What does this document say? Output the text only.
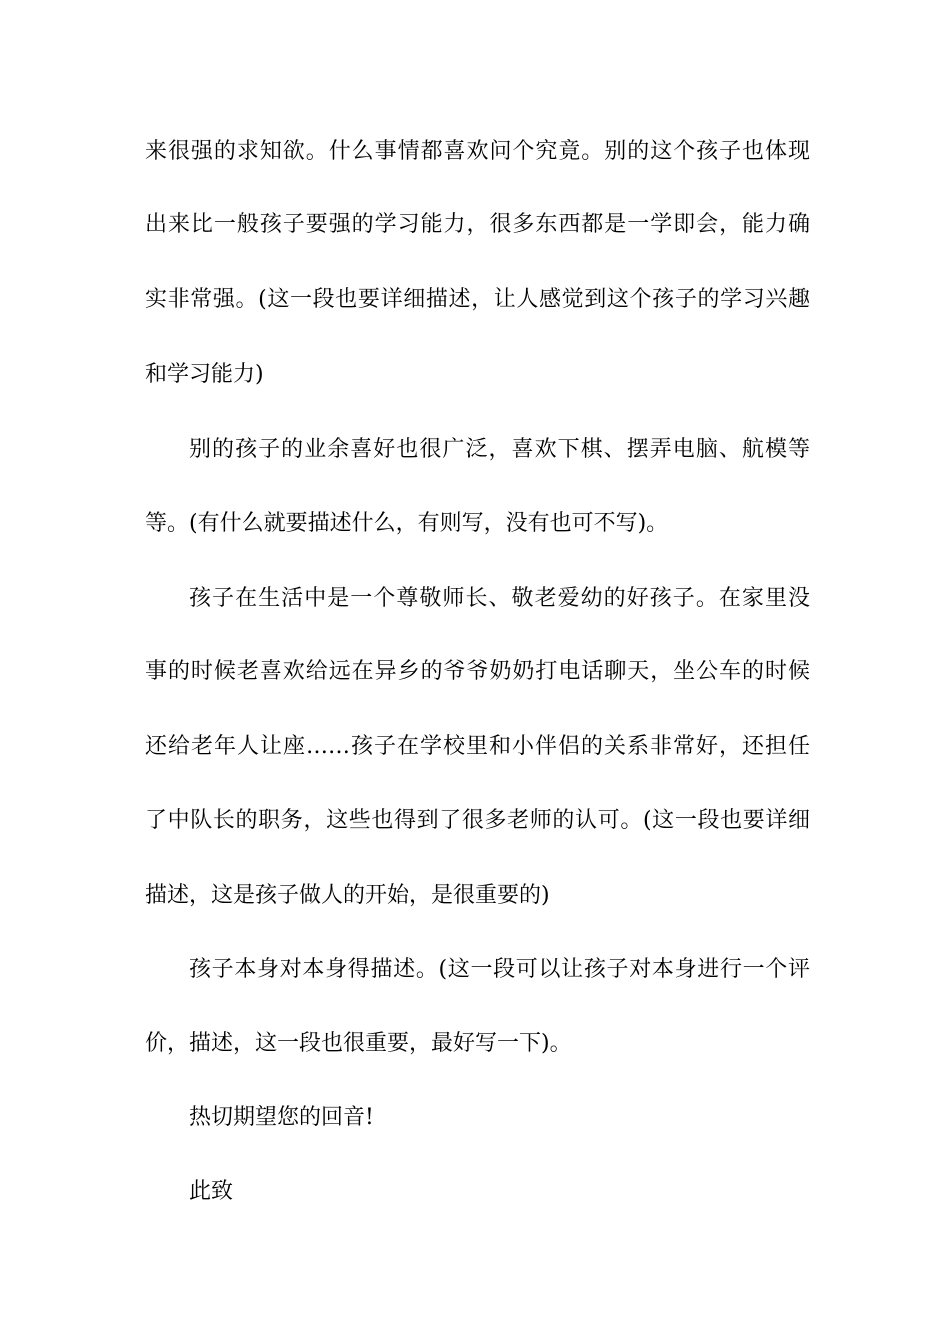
来很强的求知欲。什么事情都喜欢问个究竟。别的这个孩子也体现
出来比一般孩子要强的学习能力，很多东西都是一学即会，能力确
实非常强。(这一段也要详细描述，让人感觉到这个孩子的学习兴趣
和学习能力)
别的孩子的业余喜好也很广泛，喜欢下棋、摆弄电脑、航模等
等。(有什么就要描述什么，有则写，没有也可不写)。
孩子在生活中是一个尊敬师长、敬老爱幼的好孩子。在家里没
事的时候老喜欢给远在异乡的爷爷奶奶打电话聊天，坐公车的时候
还给老年人让座……孩子在学校里和小伴侣的关系非常好，还担任
了中队长的职务，这些也得到了很多老师的认可。(这一段也要详细
描述，这是孩子做人的开始，是很重要的)
孩子本身对本身得描述。(这一段可以让孩子对本身进行一个评
价，描述，这一段也很重要，最好写一下)。
热切期望您的回音!
此致
